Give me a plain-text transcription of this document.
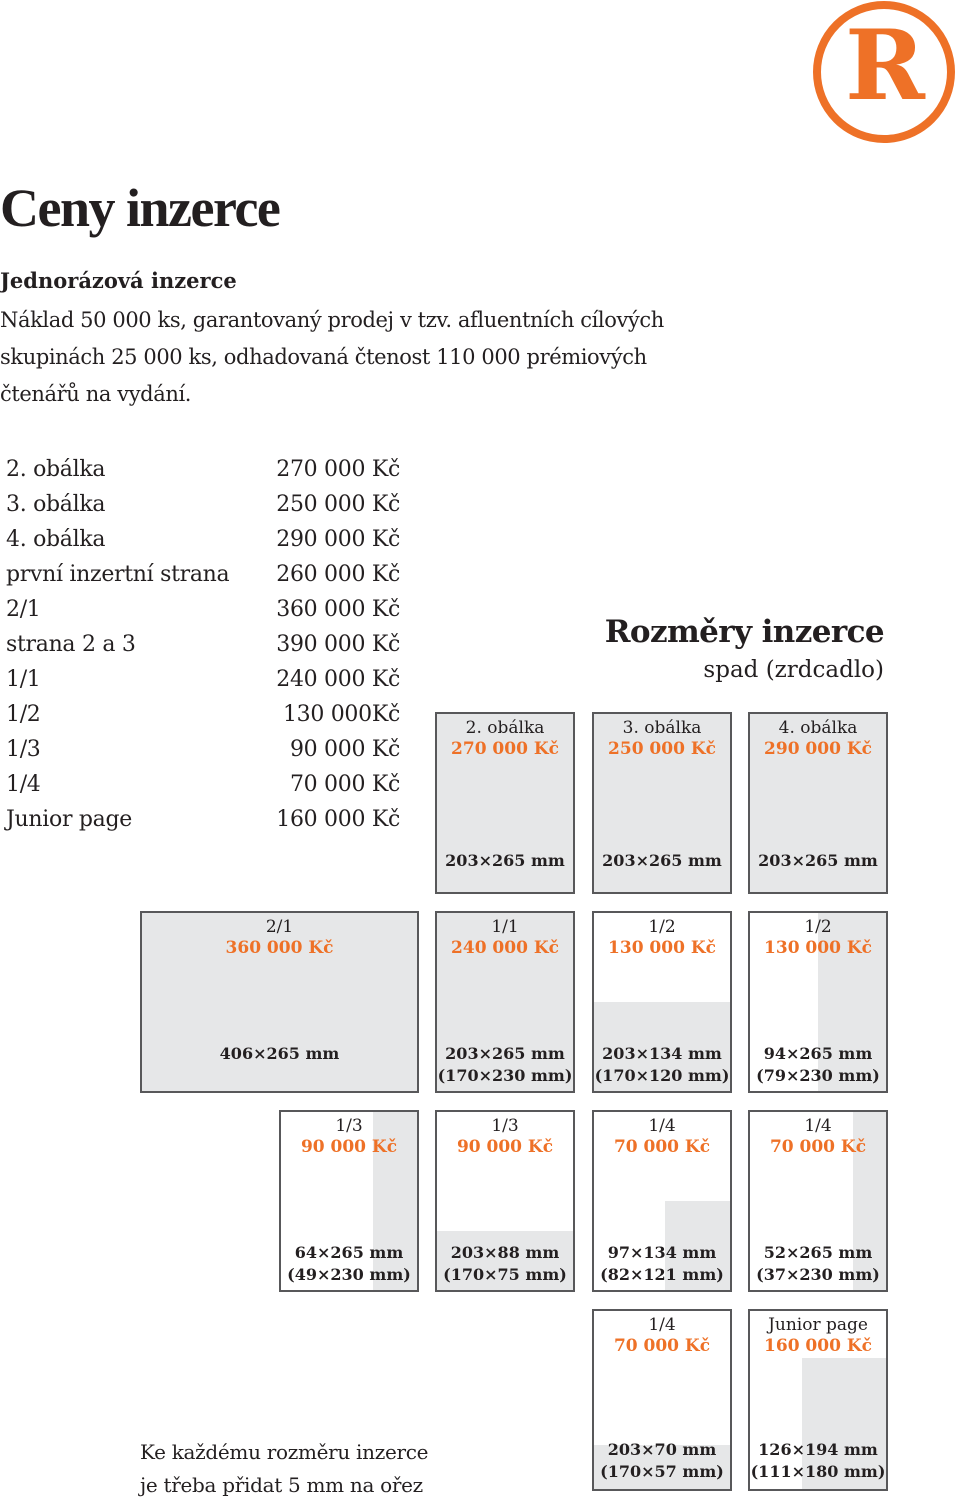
R
Ceny inzerce
Jednorázová inzerce

Náklad 50 000 ks, garantovaný prodej v tzv. afluentních cílových skupinách 25 000 ks, odhadovaná čtenost 110 000 prémiových čtenářů na vydání.

2. obálka	270 000 Kč
3. obálka	250 000 Kč
4. obálka	290 000 Kč
první inzertní strana 260 000 Kč
2/1	360 000 Kč
strana 2 a 3	390 000 Kč
1/1	240 000 Kč
1/2	130 000Kč
1/3	90 000 Kč
1/4	70 000 Kč
Junior page	160 000 Kč
Rozměry inzerce

spad (zrdcadlo)

2. obálka
270 000 Kč
203×265 mm
3. obálka
250 000 Kč
203×265 mm
4. obálka
290 000 Kč
203×265 mm
2/1
360 000 Kč
406×265 mm
1/1
240 000 Kč
203×265 mm
(170×230 mm)
1/2
130 000 Kč
203×134 mm
(170×120 mm)
1/2
130 000 Kč
94×265 mm
(79×230 mm)
1/3
90 000 Kč
64×265 mm
(49×230 mm)
1/3
90 000 Kč
203×88 mm
(170×75 mm)
1/4
70 000 Kč
97×134 mm
(82×121 mm)
1/4
70 000 Kč
52×265 mm
(37×230 mm)
1/4
70 000 Kč
203×70 mm
(170×57 mm)
Junior page
160 000 Kč
126×194 mm
(111×180 mm)

Ke každému rozměru inzerce
je třeba přidat 5 mm na ořez
